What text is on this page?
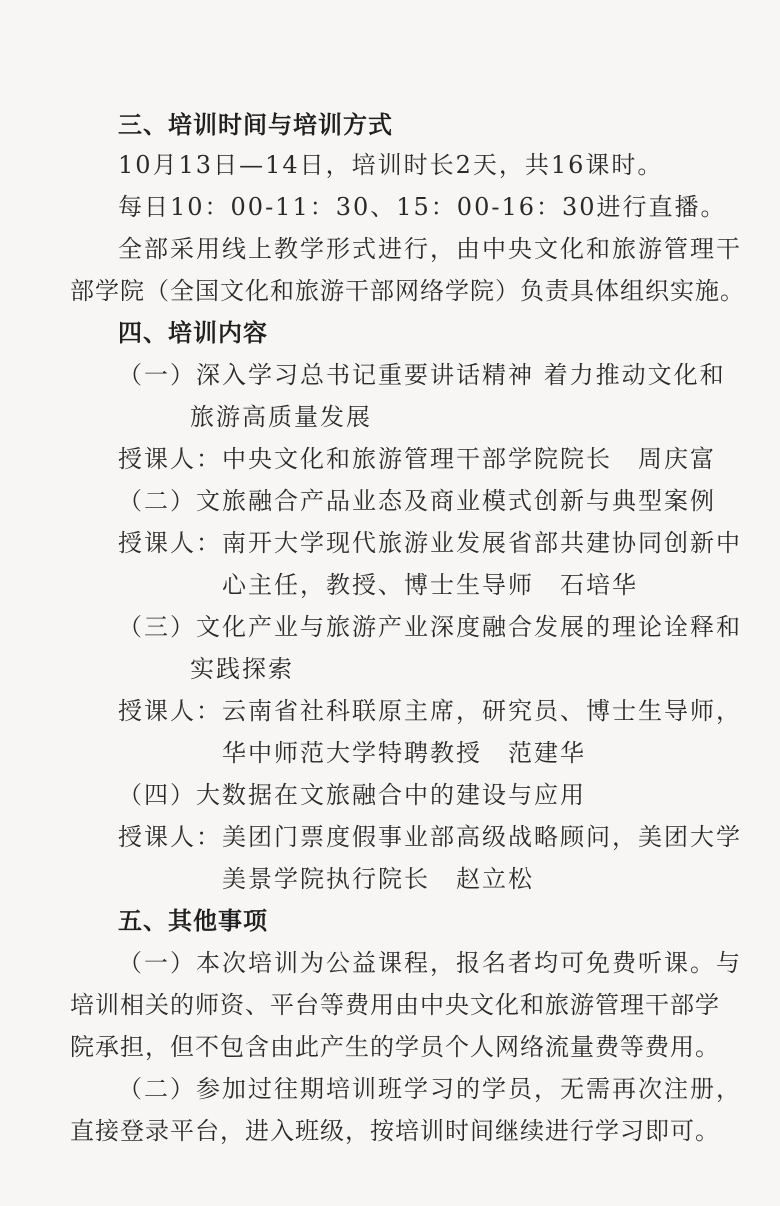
三、培训时间与培训方式
10月13日—14日，培训时长2天，共16课时。
每日10：00-11：30、15：00-16：30进行直播。
全部采用线上教学形式进行，由中央文化和旅游管理干
部学院（全国文化和旅游干部网络学院）负责具体组织实施。
四、培训内容
（一）深入学习总书记重要讲话精神 着力推动文化和
旅游高质量发展
授课人：中央文化和旅游管理干部学院院长 周庆富
（二）文旅融合产品业态及商业模式创新与典型案例
授课人：南开大学现代旅游业发展省部共建协同创新中
心主任，教授、博士生导师 石培华
（三）文化产业与旅游产业深度融合发展的理论诠释和
实践探索
授课人：云南省社科联原主席，研究员、博士生导师，
华中师范大学特聘教授 范建华
（四）大数据在文旅融合中的建设与应用
授课人：美团门票度假事业部高级战略顾问，美团大学
美景学院执行院长 赵立松
五、其他事项
（一）本次培训为公益课程，报名者均可免费听课。与
培训相关的师资、平台等费用由中央文化和旅游管理干部学
院承担，但不包含由此产生的学员个人网络流量费等费用。
（二）参加过往期培训班学习的学员，无需再次注册，
直接登录平台，进入班级，按培训时间继续进行学习即可。
